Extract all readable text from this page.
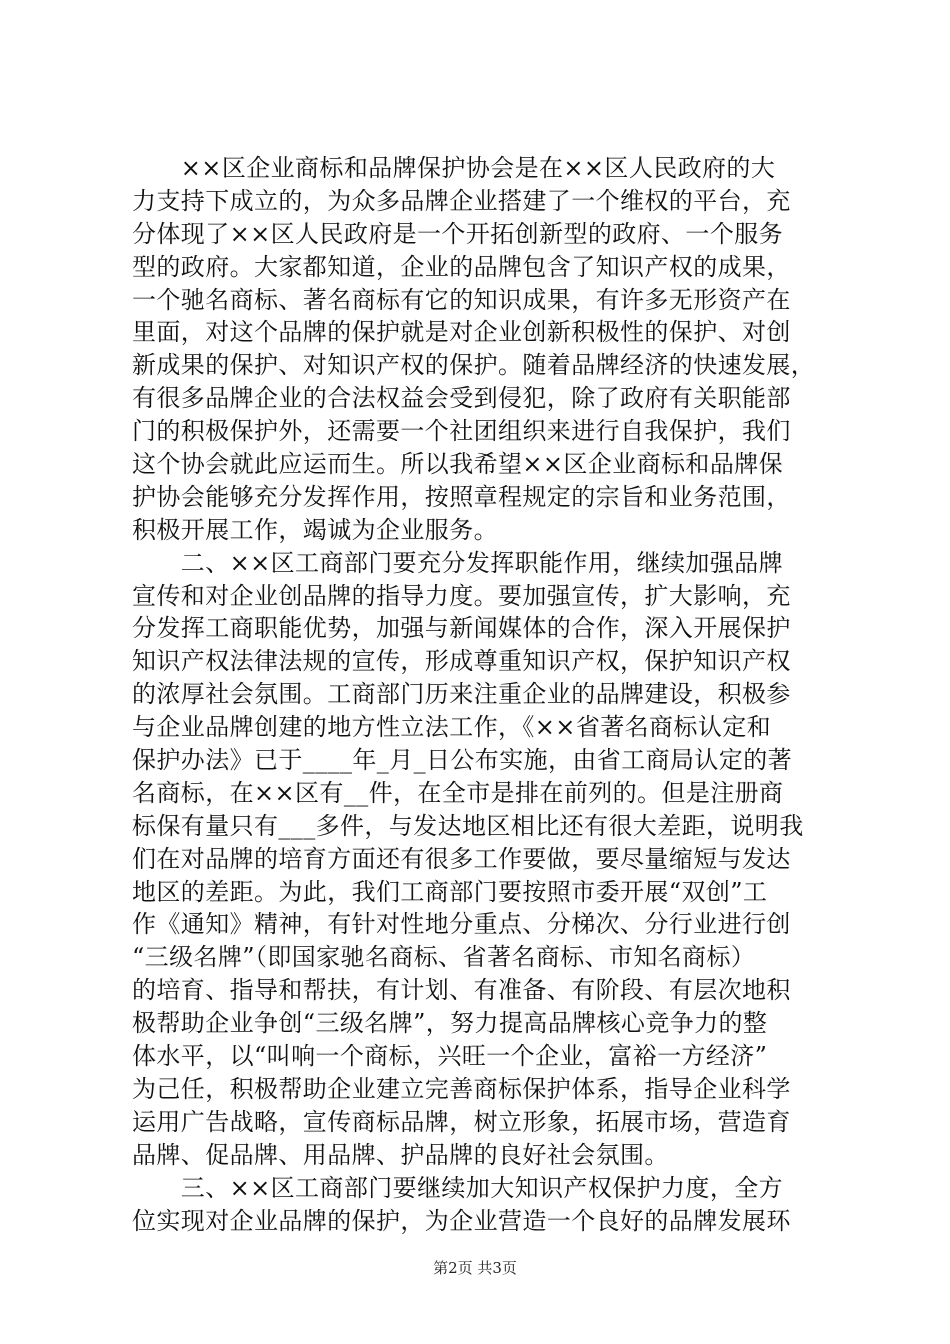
　　××区企业商标和品牌保护协会是在××区人民政府的大
力支持下成立的，为众多品牌企业搭建了一个维权的平台，充
分体现了××区人民政府是一个开拓创新型的政府、一个服务
型的政府。大家都知道，企业的品牌包含了知识产权的成果，
一个驰名商标、著名商标有它的知识成果，有许多无形资产在
里面，对这个品牌的保护就是对企业创新积极性的保护、对创
新成果的保护、对知识产权的保护。随着品牌经济的快速发展，
有很多品牌企业的合法权益会受到侵犯，除了政府有关职能部
门的积极保护外，还需要一个社团组织来进行自我保护，我们
这个协会就此应运而生。所以我希望××区企业商标和品牌保
护协会能够充分发挥作用，按照章程规定的宗旨和业务范围，
积极开展工作，竭诚为企业服务。
　　二、××区工商部门要充分发挥职能作用，继续加强品牌
宣传和对企业创品牌的指导力度。要加强宣传，扩大影响，充
分发挥工商职能优势，加强与新闻媒体的合作，深入开展保护
知识产权法律法规的宣传，形成尊重知识产权，保护知识产权
的浓厚社会氛围。工商部门历来注重企业的品牌建设，积极参
与企业品牌创建的地方性立法工作，《××省著名商标认定和
保护办法》已于____年_月_日公布实施，由省工商局认定的著
名商标，在××区有__件，在全市是排在前列的。但是注册商
标保有量只有___多件，与发达地区相比还有很大差距，说明我
们在对品牌的培育方面还有很多工作要做，要尽量缩短与发达
地区的差距。为此，我们工商部门要按照市委开展“双创”工
作《通知》精神，有针对性地分重点、分梯次、分行业进行创
“三级名牌”（即国家驰名商标、省著名商标、市知名商标）
的培育、指导和帮扶，有计划、有准备、有阶段、有层次地积
极帮助企业争创“三级名牌”，努力提高品牌核心竞争力的整
体水平，以“叫响一个商标，兴旺一个企业，富裕一方经济”
为己任，积极帮助企业建立完善商标保护体系，指导企业科学
运用广告战略，宣传商标品牌，树立形象，拓展市场，营造育
品牌、促品牌、用品牌、护品牌的良好社会氛围。
　　三、××区工商部门要继续加大知识产权保护力度，全方
位实现对企业品牌的保护，为企业营造一个良好的品牌发展环
第2页 共3页
